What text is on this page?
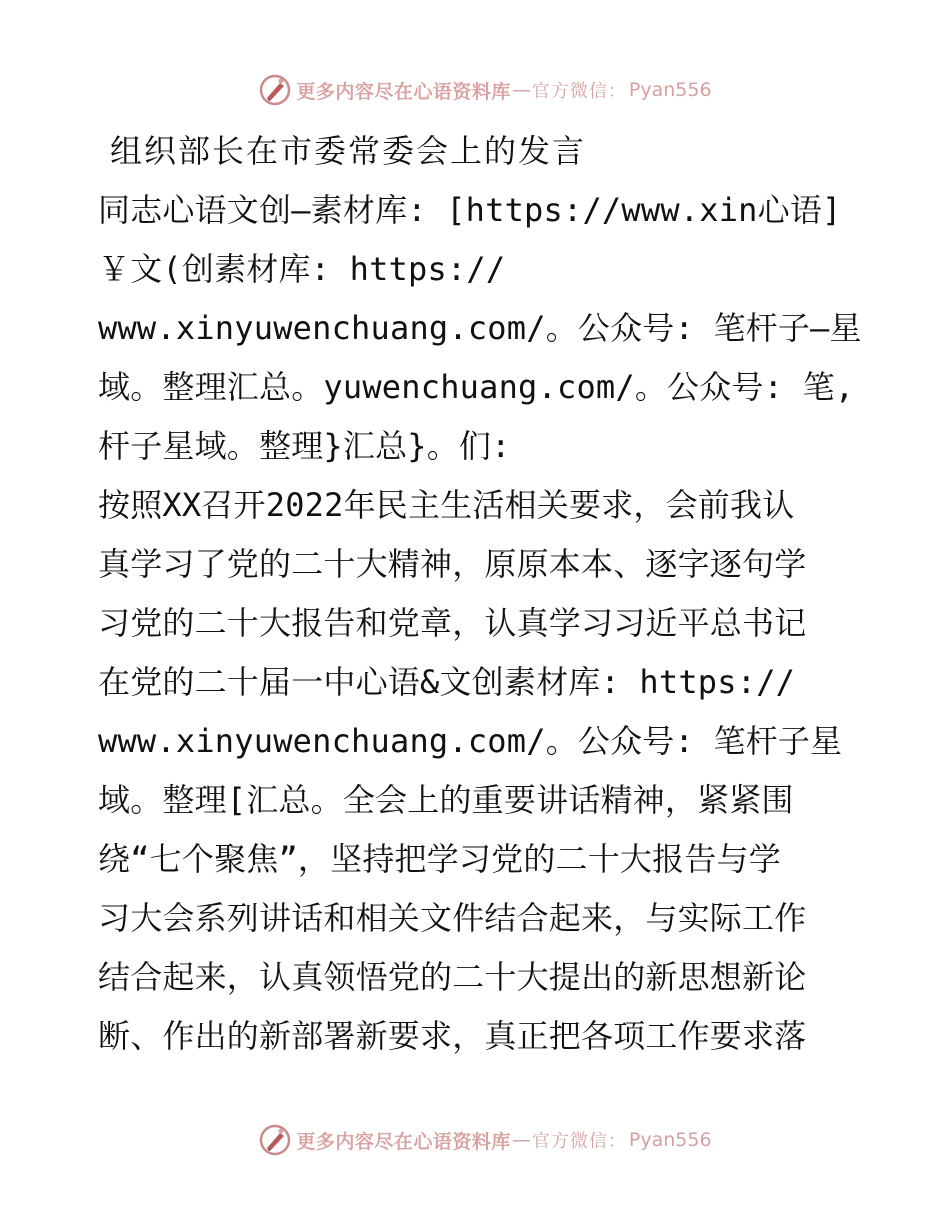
更多内容尽在心语资料库 — 官方微信： Pyan556
组织部长在市委常委会上的发言
同志心语文创—素材库: [https://www.xin心语]
￥文(创素材库: https://
www.xinyuwenchuang.com/。公众号: 笔杆子—星
域。整理汇总。yuwenchuang.com/。公众号: 笔,
杆子星域。整理}汇总}。们:
按照XX召开2022年民主生活相关要求，会前我认
真学习了党的二十大精神，原原本本、逐字逐句学
习党的二十大报告和党章，认真学习习近平总书记
在党的二十届一中心语&文创素材库: https://
www.xinyuwenchuang.com/。公众号: 笔杆子星
域。整理[汇总。全会上的重要讲话精神，紧紧围
绕“七个聚焦”，坚持把学习党的二十大报告与学
习大会系列讲话和相关文件结合起来，与实际工作
结合起来，认真领悟党的二十大提出的新思想新论
断、作出的新部署新要求，真正把各项工作要求落
更多内容尽在心语资料库 — 官方微信： Pyan556
